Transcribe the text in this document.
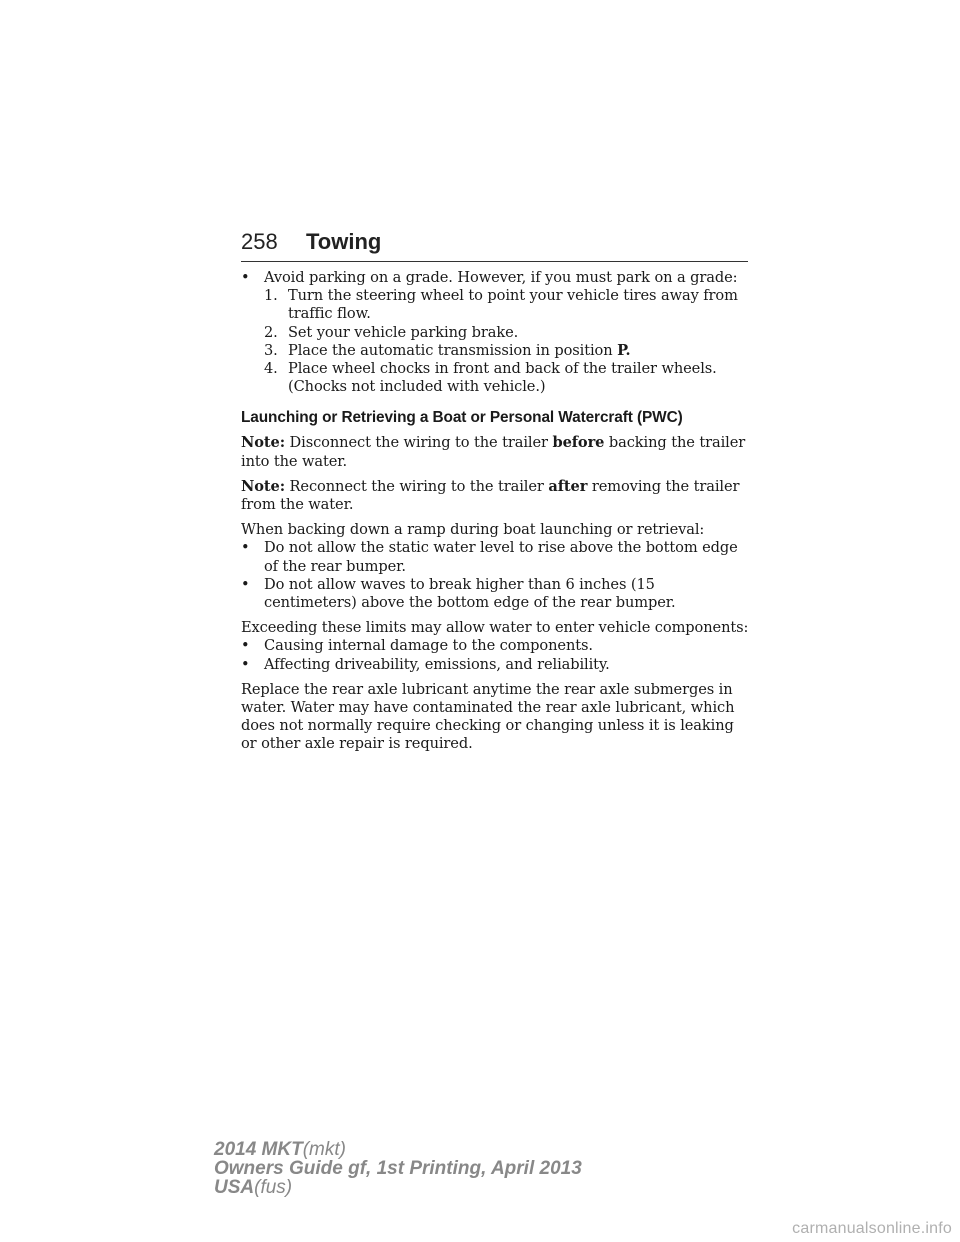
258 Towing
• Avoid parking on a grade. However, if you must park on a grade:
1. Turn the steering wheel to point your vehicle tires away from traffic flow.
2. Set your vehicle parking brake.
3. Place the automatic transmission in position P.
4. Place wheel chocks in front and back of the trailer wheels. (Chocks not included with vehicle.)
Launching or Retrieving a Boat or Personal Watercraft (PWC)
Note: Disconnect the wiring to the trailer before backing the trailer into the water.
Note: Reconnect the wiring to the trailer after removing the trailer from the water.
When backing down a ramp during boat launching or retrieval:
• Do not allow the static water level to rise above the bottom edge of the rear bumper.
• Do not allow waves to break higher than 6 inches (15 centimeters) above the bottom edge of the rear bumper.
Exceeding these limits may allow water to enter vehicle components:
• Causing internal damage to the components.
• Affecting driveability, emissions, and reliability.
Replace the rear axle lubricant anytime the rear axle submerges in water. Water may have contaminated the rear axle lubricant, which does not normally require checking or changing unless it is leaking or other axle repair is required.
2014 MKT(mkt)
Owners Guide gf, 1st Printing, April 2013
USA(fus)
carmanualsonline.info
